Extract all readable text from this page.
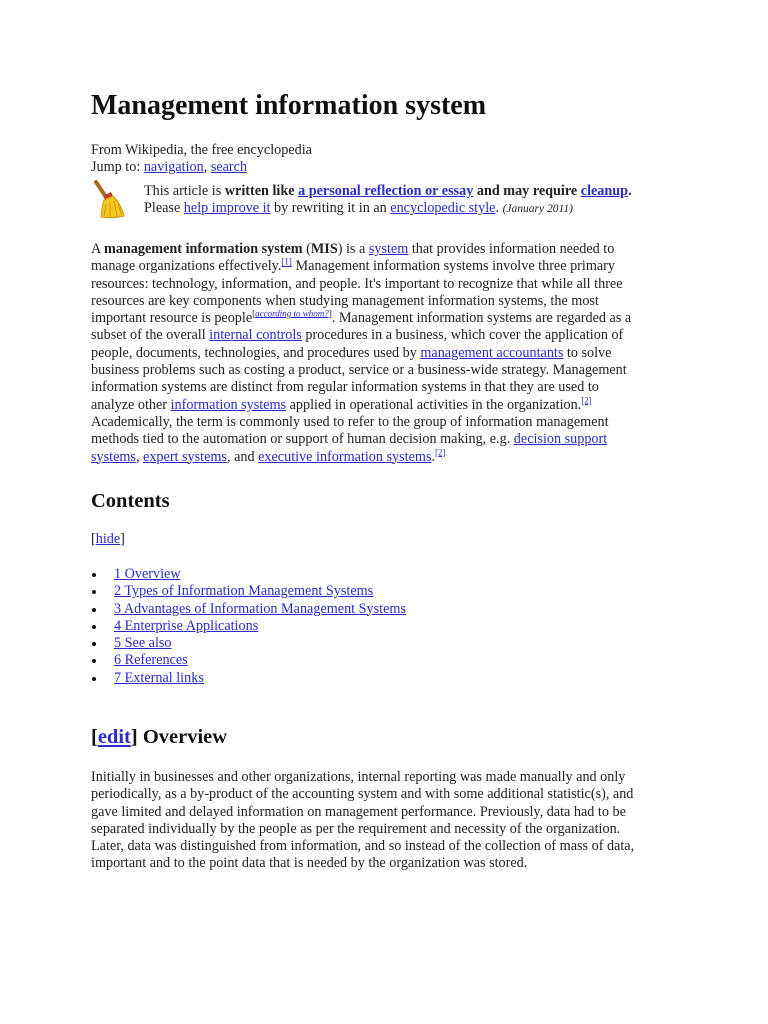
Management information system
From Wikipedia, the free encyclopedia
Jump to: navigation, search
This article is written like a personal reflection or essay and may require cleanup.
Please help improve it by rewriting it in an encyclopedic style. (January 2011)
A management information system (MIS) is a system that provides information needed to
manage organizations effectively.[1] Management information systems involve three primary
resources: technology, information, and people. It's important to recognize that while all three
resources are key components when studying management information systems, the most
important resource is people[according to whom?]. Management information systems are regarded as a
subset of the overall internal controls procedures in a business, which cover the application of
people, documents, technologies, and procedures used by management accountants to solve
business problems such as costing a product, service or a business-wide strategy. Management
information systems are distinct from regular information systems in that they are used to
analyze other information systems applied in operational activities in the organization.[2]
Academically, the term is commonly used to refer to the group of information management
methods tied to the automation or support of human decision making, e.g. decision support
systems, expert systems, and executive information systems.[2]
Contents
[hide]
1 Overview
2 Types of Information Management Systems
3 Advantages of Information Management Systems
4 Enterprise Applications
5 See also
6 References
7 External links
[edit] Overview
Initially in businesses and other organizations, internal reporting was made manually and only
periodically, as a by-product of the accounting system and with some additional statistic(s), and
gave limited and delayed information on management performance. Previously, data had to be
separated individually by the people as per the requirement and necessity of the organization.
Later, data was distinguished from information, and so instead of the collection of mass of data,
important and to the point data that is needed by the organization was stored.
